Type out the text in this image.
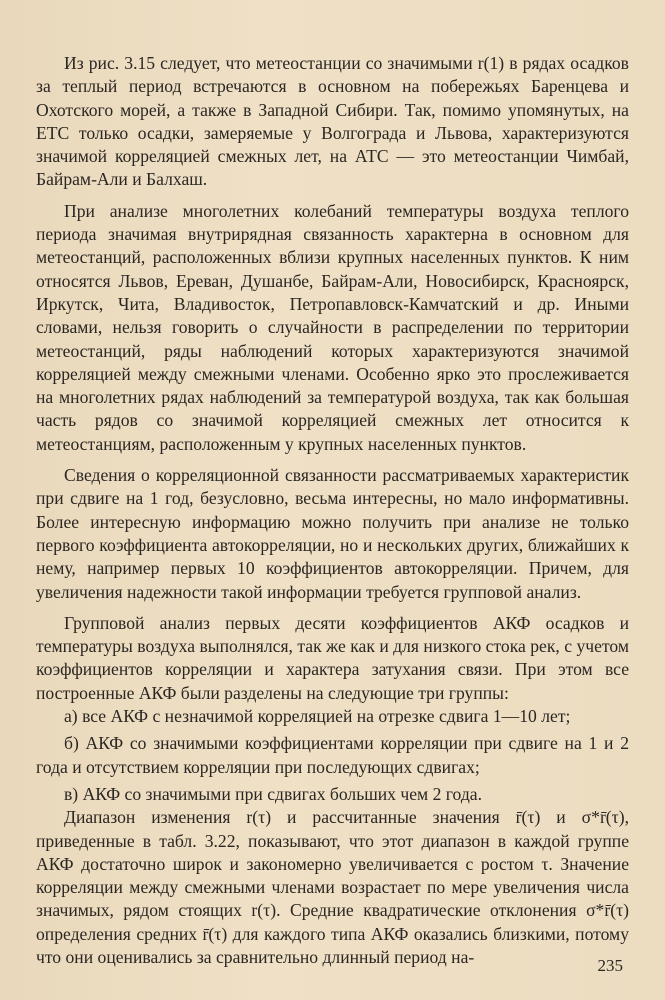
Из рис. 3.15 следует, что метеостанции со значимыми r(1) в рядах осадков за теплый период встречаются в основном на побережьях Баренцева и Охотского морей, а также в Западной Сибири. Так, помимо упомянутых, на ЕТС только осадки, замеряемые у Волгограда и Львова, характеризуются значимой корреляцией смежных лет, на АТС — это метеостанции Чимбай, Байрам-Али и Балхаш.

При анализе многолетних колебаний температуры воздуха теплого периода значимая внутрирядная связанность характерна в основном для метеостанций, расположенных вблизи крупных населенных пунктов. К ним относятся Львов, Ереван, Душанбе, Байрам-Али, Новосибирск, Красноярск, Иркутск, Чита, Владивосток, Петропавловск-Камчатский и др. Иными словами, нельзя говорить о случайности в распределении по территории метеостанций, ряды наблюдений которых характеризуются значимой корреляцией между смежными членами. Особенно ярко это прослеживается на многолетних рядах наблюдений за температурой воздуха, так как большая часть рядов со значимой корреляцией смежных лет относится к метеостанциям, расположенным у крупных населенных пунктов.

Сведения о корреляционной связанности рассматриваемых характеристик при сдвиге на 1 год, безусловно, весьма интересны, но мало информативны. Более интересную информацию можно получить при анализе не только первого коэффициента автокорреляции, но и нескольких других, ближайших к нему, например первых 10 коэффициентов автокорреляции. Причем, для увеличения надежности такой информации требуется групповой анализ.

Групповой анализ первых десяти коэффициентов АКФ осадков и температуры воздуха выполнялся, так же как и для низкого стока рек, с учетом коэффициентов корреляции и характера затухания связи. При этом все построенные АКФ были разделены на следующие три группы:

а) все АКФ с незначимой корреляцией на отрезке сдвига 1—10 лет;

б) АКФ со значимыми коэффициентами корреляции при сдвиге на 1 и 2 года и отсутствием корреляции при последующих сдвигах;

в) АКФ со значимыми при сдвигах больших чем 2 года.

Диапазон изменения r(τ) и рассчитанные значения r̄(τ) и σ*r̄(τ), приведенные в табл. 3.22, показывают, что этот диапазон в каждой группе АКФ достаточно широк и закономерно увеличивается с ростом τ. Значение корреляции между смежными членами возрастает по мере увеличения числа значимых, рядом стоящих r(τ). Средние квадратические отклонения σ*r̄(τ) определения средних r̄(τ) для каждого типа АКФ оказались близкими, потому что они оценивались за сравнительно длинный период на-	235
